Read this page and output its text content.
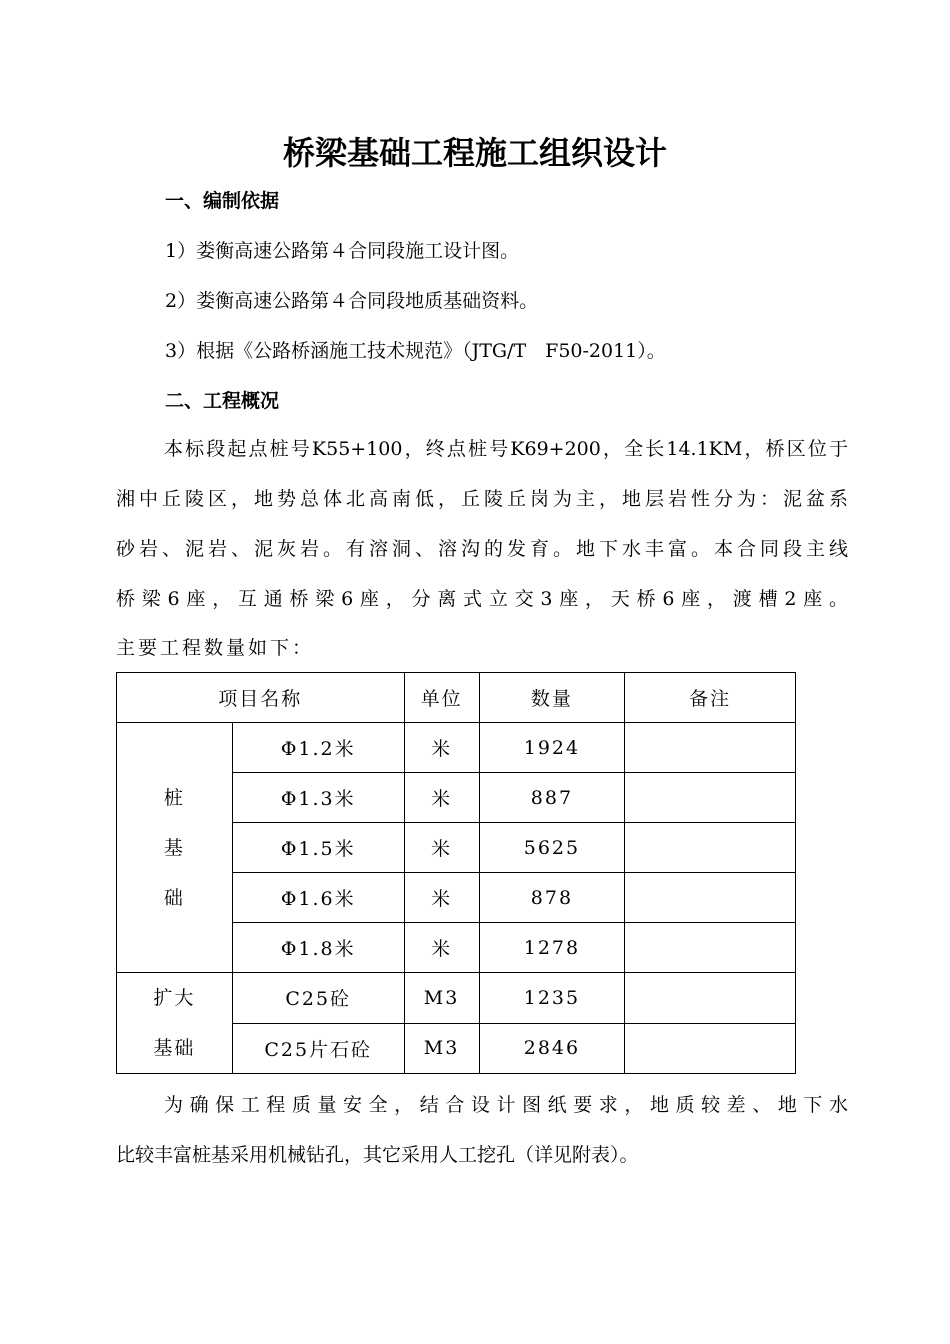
桥梁基础工程施工组织设计
一、编制依据
1）娄衡高速公路第４合同段施工设计图。
2）娄衡高速公路第４合同段地质基础资料。
3）根据《公路桥涵施工技术规范》（JTG/T　F50-2011）。
二、工程概况
本标段起点桩号K55+100，终点桩号K69+200，全长14.1KM，桥区位于
湘中丘陵区，地势总体北高南低，丘陵丘岗为主，地层岩性分为：泥盆系
砂岩、泥岩、泥灰岩。有溶洞、溶沟的发育。地下水丰富。本合同段主线
桥梁6座，互通桥梁6座，分离式立交3座，天桥6座，渡槽2座。
主要工程数量如下：
项目名称		单位	数量	备注
桩
基
础	Φ1.2米	米	1924	
	Φ1.3米	米	887	
	Φ1.5米	米	5625	
	Φ1.6米	米	878	
	Φ1.8米	米	1278	
扩大
基础	C25砼	M3	1235	
	C25片石砼	M3	2846	
为确保工程质量安全，结合设计图纸要求，地质较差、地下水
比较丰富桩基采用机械钻孔，其它采用人工挖孔（详见附表）。
